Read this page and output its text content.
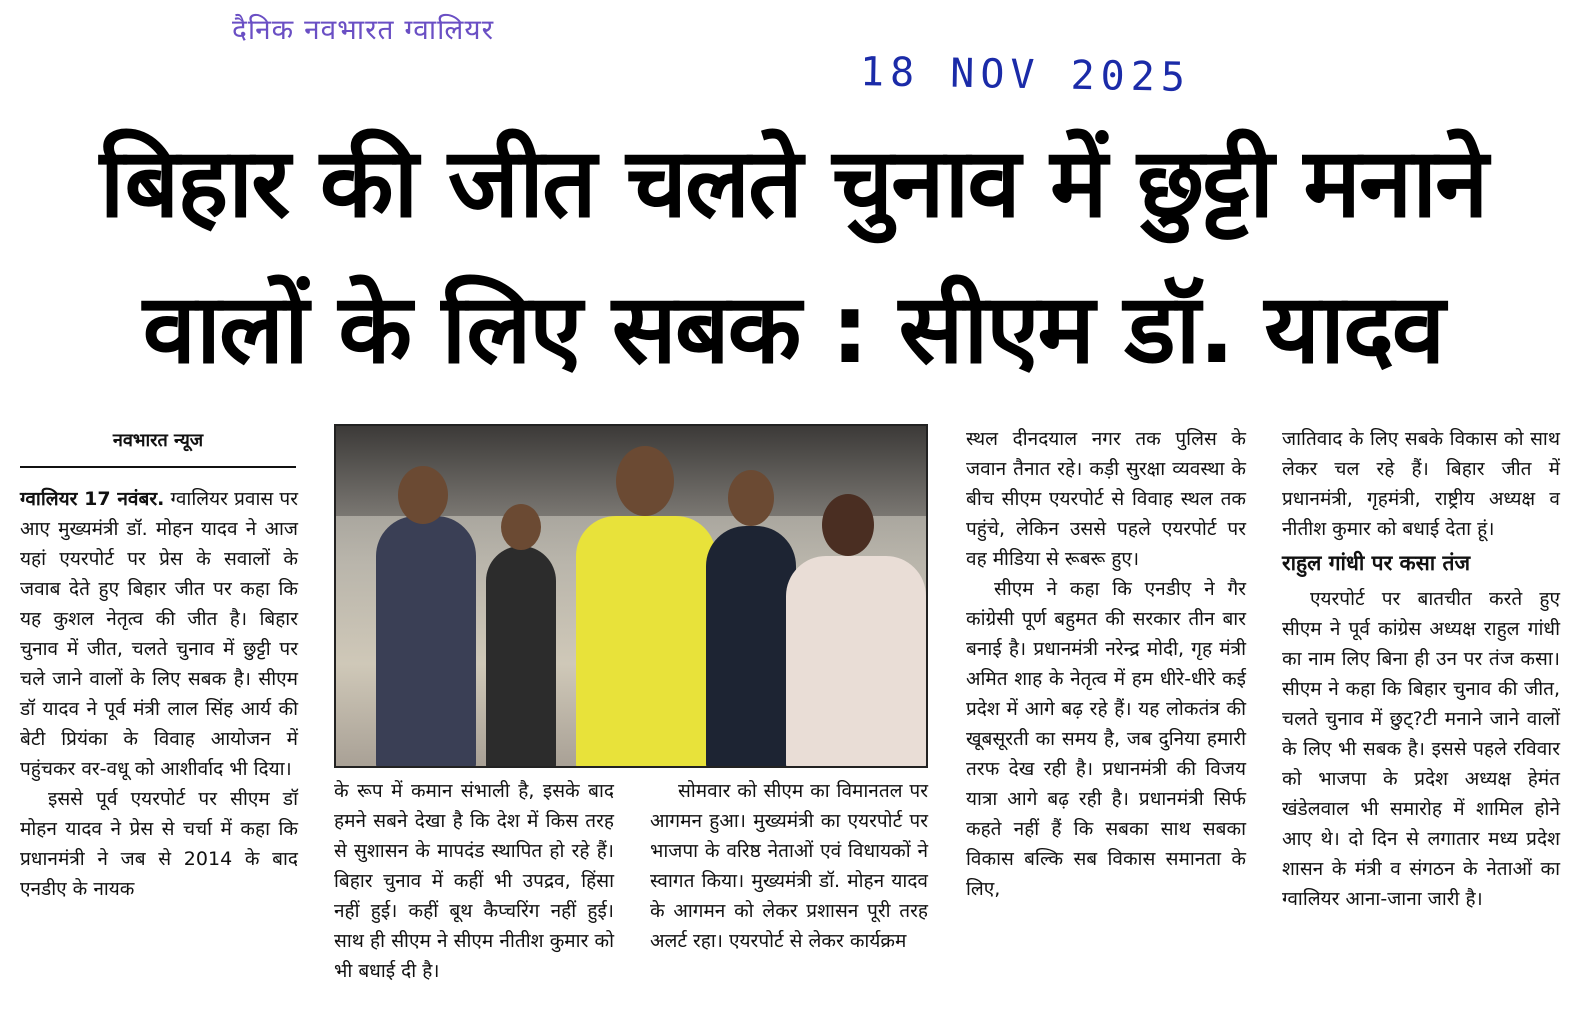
दैनिक नवभारत ग्वालियर
18 NOV 2025
बिहार की जीत चलते चुनाव में छुट्टी मनाने
वालों के लिए सबक : सीएम डॉ. यादव
नवभारत न्यूज

ग्वालियर 17 नवंबर. ग्वालियर प्रवास पर आए मुख्यमंत्री डॉ. मोहन यादव ने आज यहां एयरपोर्ट पर प्रेस के सवालों के जवाब देते हुए बिहार जीत पर कहा कि यह कुशल नेतृत्व की जीत है। बिहार चुनाव में जीत, चलते चुनाव में छुट्टी पर चले जाने वालों के लिए सबक है। सीएम डॉ यादव ने पूर्व मंत्री लाल सिंह आर्य की बेटी प्रियंका के विवाह आयोजन में पहुंचकर वर-वधू को आशीर्वाद भी दिया।

इससे पूर्व एयरपोर्ट पर सीएम डॉ मोहन यादव ने प्रेस से चर्चा में कहा कि प्रधानमंत्री ने जब से 2014 के बाद एनडीए के नायक

के रूप में कमान संभाली है, इसके बाद हमने सबने देखा है कि देश में किस तरह से सुशासन के मापदंड स्थापित हो रहे हैं। बिहार चुनाव में कहीं भी उपद्रव, हिंसा नहीं हुई। कहीं बूथ कैप्चरिंग नहीं हुई। साथ ही सीएम ने सीएम नीतीश कुमार को भी बधाई दी है।

सोमवार को सीएम का विमानतल पर आगमन हुआ। मुख्यमंत्री का एयरपोर्ट पर भाजपा के वरिष्ठ नेताओं एवं विधायकों ने स्वागत किया। मुख्यमंत्री डॉ. मोहन यादव के आगमन को लेकर प्रशासन पूरी तरह अलर्ट रहा। एयरपोर्ट से लेकर कार्यक्रम

स्थल दीनदयाल नगर तक पुलिस के जवान तैनात रहे। कड़ी सुरक्षा व्यवस्था के बीच सीएम एयरपोर्ट से विवाह स्थल तक पहुंचे, लेकिन उससे पहले एयरपोर्ट पर वह मीडिया से रूबरू हुए।

सीएम ने कहा कि एनडीए ने गैर कांग्रेसी पूर्ण बहुमत की सरकार तीन बार बनाई है। प्रधानमंत्री नरेन्द्र मोदी, गृह मंत्री अमित शाह के नेतृत्व में हम धीरे-धीरे कई प्रदेश में आगे बढ़ रहे हैं। यह लोकतंत्र की खूबसूरती का समय है, जब दुनिया हमारी तरफ देख रही है। प्रधानमंत्री की विजय यात्रा आगे बढ़ रही है। प्रधानमंत्री सिर्फ कहते नहीं हैं कि सबका साथ सबका विकास बल्कि सब विकास समानता के लिए,

जातिवाद के लिए सबके विकास को साथ लेकर चल रहे हैं। बिहार जीत में प्रधानमंत्री, गृहमंत्री, राष्ट्रीय अध्यक्ष व नीतीश कुमार को बधाई देता हूं।

राहुल गांधी पर कसा तंज

एयरपोर्ट पर बातचीत करते हुए सीएम ने पूर्व कांग्रेस अध्यक्ष राहुल गांधी का नाम लिए बिना ही उन पर तंज कसा। सीएम ने कहा कि बिहार चुनाव की जीत, चलते चुनाव में छुट्?टी मनाने जाने वालों के लिए भी सबक है। इससे पहले रविवार को भाजपा के प्रदेश अध्यक्ष हेमंत खंडेलवाल भी समारोह में शामिल होने आए थे। दो दिन से लगातार मध्य प्रदेश शासन के मंत्री व संगठन के नेताओं का ग्वालियर आना-जाना जारी है।
